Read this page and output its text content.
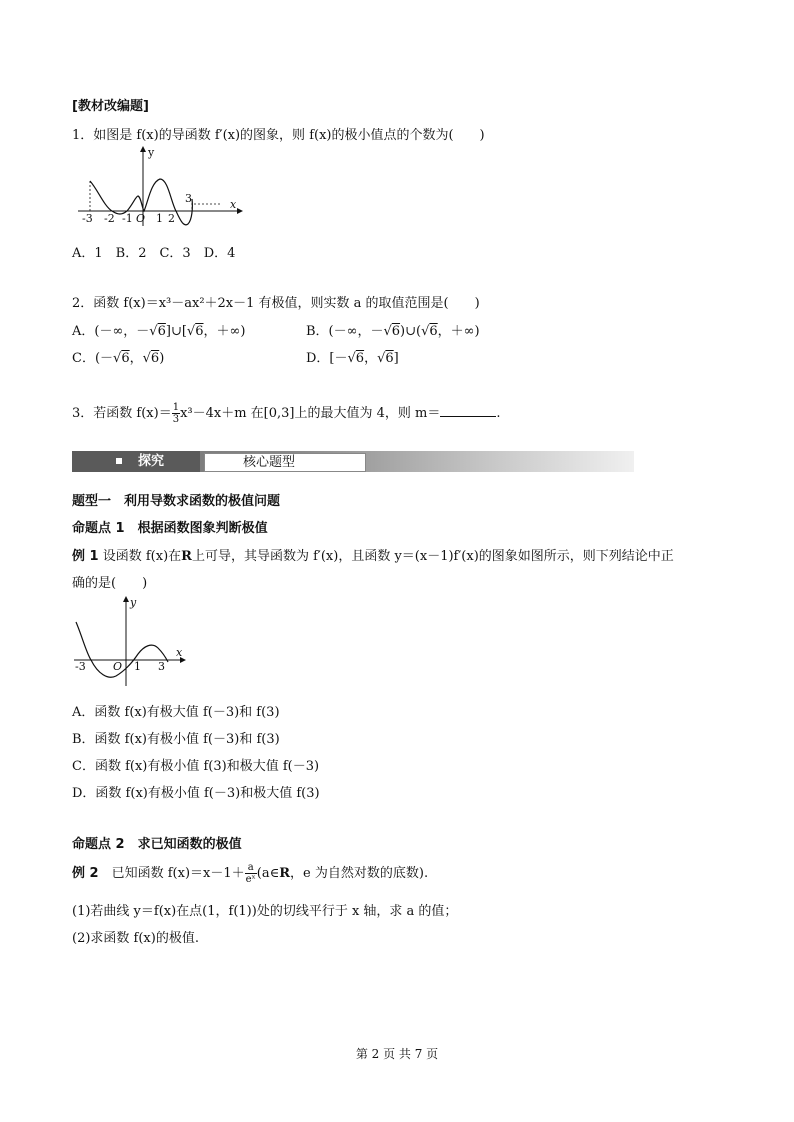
[教材改编题]
1．如图是 f(x)的导函数 f′(x)的图象，则 f(x)的极小值点的个数为(　　)
y
x
O
-3 -2 -1 1 2
3
A．1　B．2　C．3　D．4
2．函数 f(x)＝x³－ax²＋2x－1 有极值，则实数 a 的取值范围是(　　)
A．(－∞，－√6]∪[√6，＋∞)	B．(－∞，－√6)∪(√6，＋∞)
C．(－√6，√6)	D．[－√6，√6]
3．若函数 $f(x)= \frac{1}{3} x^3-4x+m$ 在[0,3]上的最大值为 4，则 m＝	.
探究	核心题型
题型一　利用导数求函数的极值问题
命题点 1　根据函数图象判断极值
例 1 设函数 f(x)在R上可导，其导函数为 f′(x)，且函数 y＝(x－1)f′(x)的图象如图所示，则下列结论中正
确的是(　　)
y
x
O
-3	1 3
A．函数 f(x)有极大值 f(－3)和 f(3)
B．函数 f(x)有极小值 f(－3)和 f(3)
C．函数 f(x)有极小值 f(3)和极大值 f(－3)
D．函数 f(x)有极小值 f(－3)和极大值 f(3)
命题点 2　求已知函数的极值
例 2　 已知函数 $f(x)=x-1+ \frac{a}{\text{eˣ}}$ (a∈R，e 为自然对数的底数).
(1)若曲线 y＝f(x)在点(1，f(1))处的切线平行于 x 轴，求 a 的值；
(2)求函数 f(x)的极值.
第 2 页 共 7 页
